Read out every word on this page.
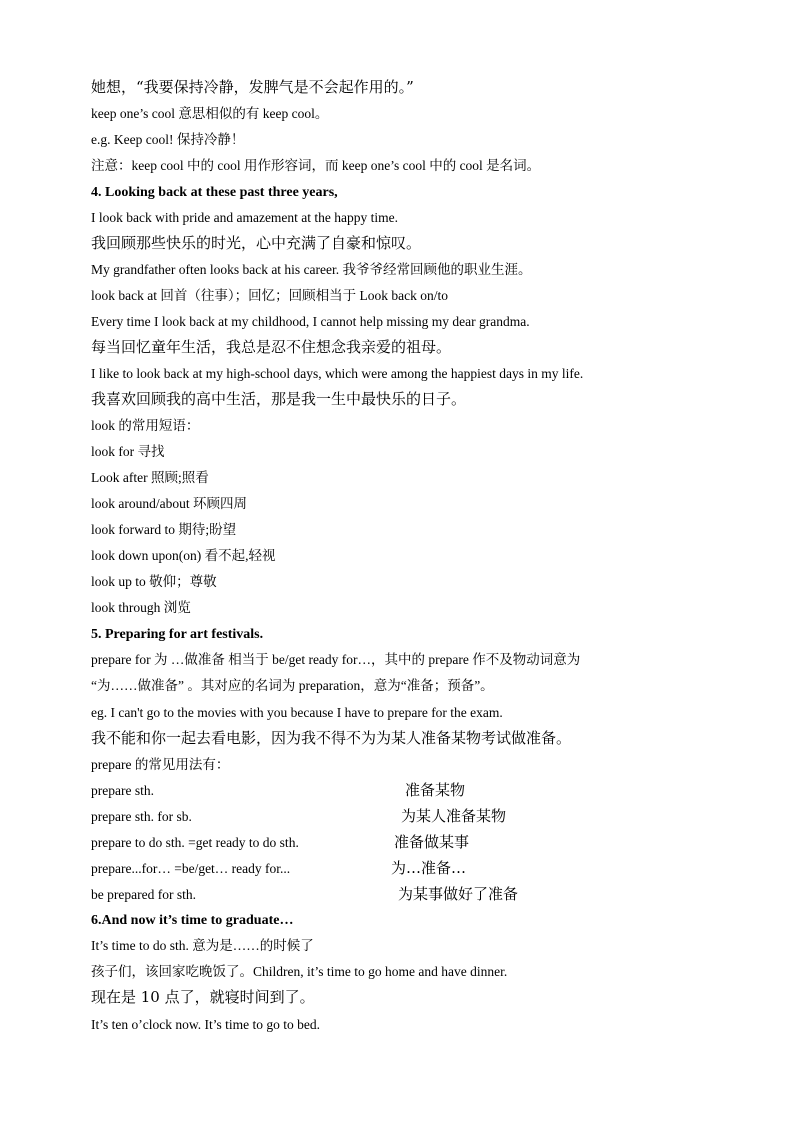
她想，“我要保持冷静，发脾气是不会起作用的。”
keep one’s cool 意思相似的有 keep cool。
e.g. Keep cool! 保持冷静！
注意：keep cool 中的 cool 用作形容词，而 keep one’s cool 中的 cool 是名词。
4. Looking back at these past three years,
I look back with pride and amazement at the happy time.
我回顾那些快乐的时光，心中充满了自豪和惊叹。
My grandfather often looks back at his career. 我爷爷经常回顾他的职业生涯。
look back at 回首（往事）；回忆；回顾相当于 Look back on/to
Every time I look back at my childhood, I cannot help missing my dear grandma.
每当回忆童年生活，我总是忍不住想念我亲爱的祖母。
I like to look back at my high-school days, which were among the happiest days in my life.
我喜欢回顾我的高中生活，那是我一生中最快乐的日子。
look 的常用短语：
look for 寻找
Look after 照顾;照看
look around/about 环顾四周
look forward to 期待;盼望
look down upon(on) 看不起,轻视
look up to 敬仰；尊敬
look through 浏览
5. Preparing for art festivals.
prepare for 为 …做准备 相当于 be/get ready for…，其中的 prepare 作不及物动词意为
“为……做准备” 。其对应的名词为 preparation，意为“准备；预备”。
eg. I can't go to the movies with you because I have to prepare for the exam.
我不能和你一起去看电影，因为我不得不为为某人准备某物考试做准备。
prepare 的常见用法有：
prepare sth.	准备某物
prepare sth. for sb.	为某人准备某物
prepare to do sth. =get ready to do sth.	准备做某事
prepare...for… =be/get… ready for...	为…准备…
be prepared for sth.	为某事做好了准备
6.And now it’s time to graduate…
It’s time to do sth. 意为是……的时候了
孩子们，该回家吃晚饭了。Children, it’s time to go home and have dinner.
现在是 10 点了，就寝时间到了。
It’s ten o’clock now. It’s time to go to bed.
